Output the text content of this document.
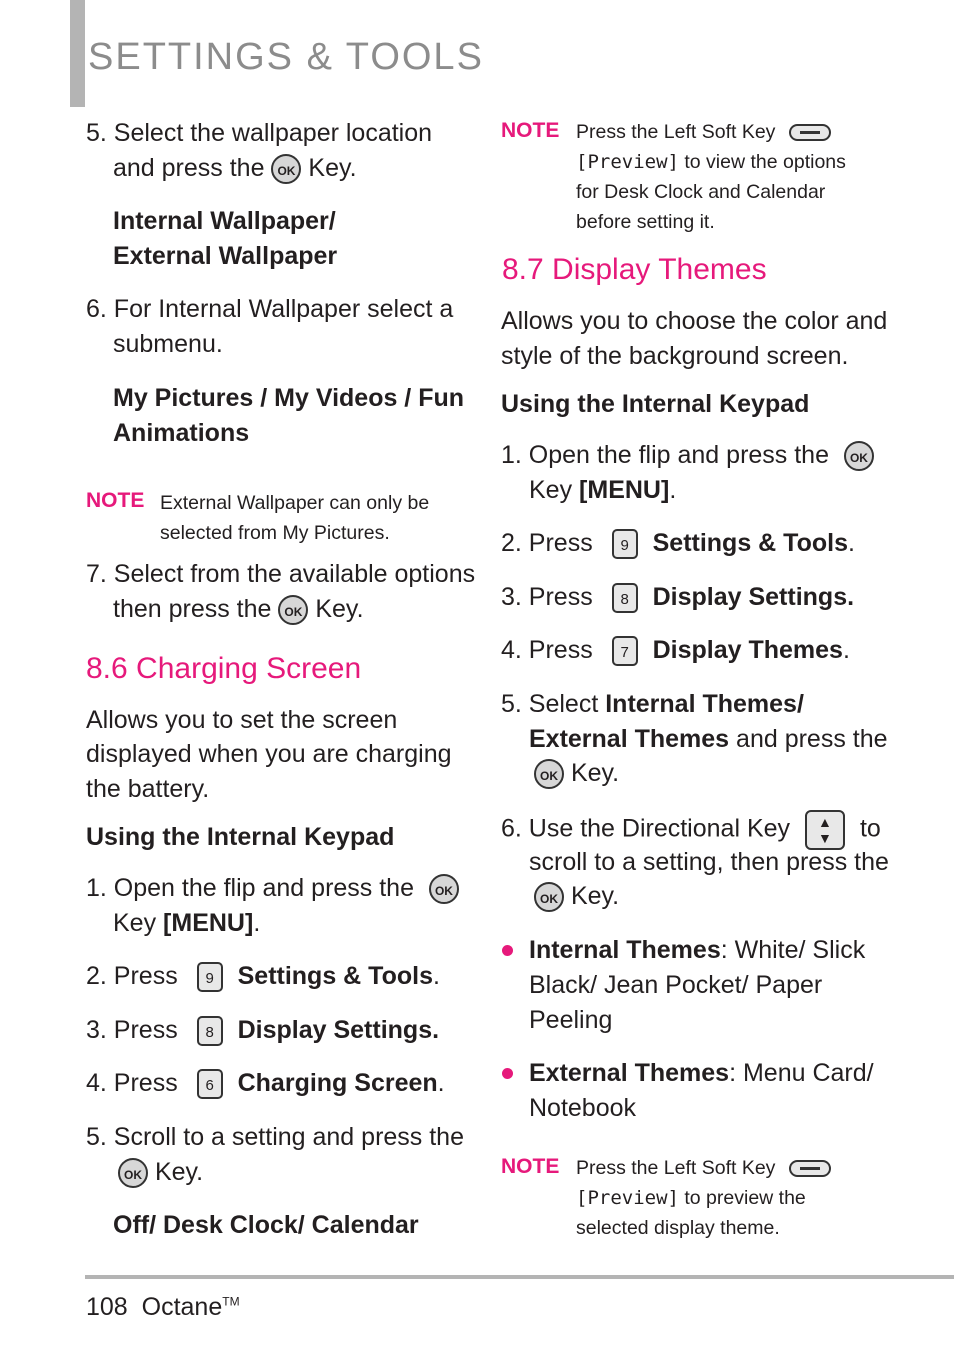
SETTINGS & TOOLS
5. Select the wallpaper location
and press the OK Key.
Internal Wallpaper/
External Wallpaper
6. For Internal Wallpaper select a
submenu.
My Pictures / My Videos / Fun
Animations
NOTE External Wallpaper can only be
selected from My Pictures.
7. Select from the available options
then press the OK Key.
8.6 Charging Screen
Allows you to set the screen
displayed when you are charging
the battery.
Using the Internal Keypad
1. Open the flip and press the OK
Key [MENU].
2. Press 9 Settings & Tools.
3. Press 8 Display Settings.
4. Press 6 Charging Screen.
5. Scroll to a setting and press the
OK Key.
Off/ Desk Clock/ Calendar
NOTE Press the Left Soft Key
[Preview] to view the options
for Desk Clock and Calendar
before setting it.
8.7 Display Themes
Allows you to choose the color and
style of the background screen.
Using the Internal Keypad
1. Open the flip and press the OK
Key [MENU].
2. Press 9 Settings & Tools.
3. Press 8 Display Settings.
4. Press 7 Display Themes.
5. Select Internal Themes/
External Themes and press the
OK Key.
6. Use the Directional Key ▲
▼ to
scroll to a setting, then press the
OK Key.
Internal Themes: White/ Slick
Black/ Jean Pocket/ Paper
Peeling
External Themes: Menu Card/
Notebook
NOTE Press the Left Soft Key
[Preview] to preview the
selected display theme.
108 Octane™
